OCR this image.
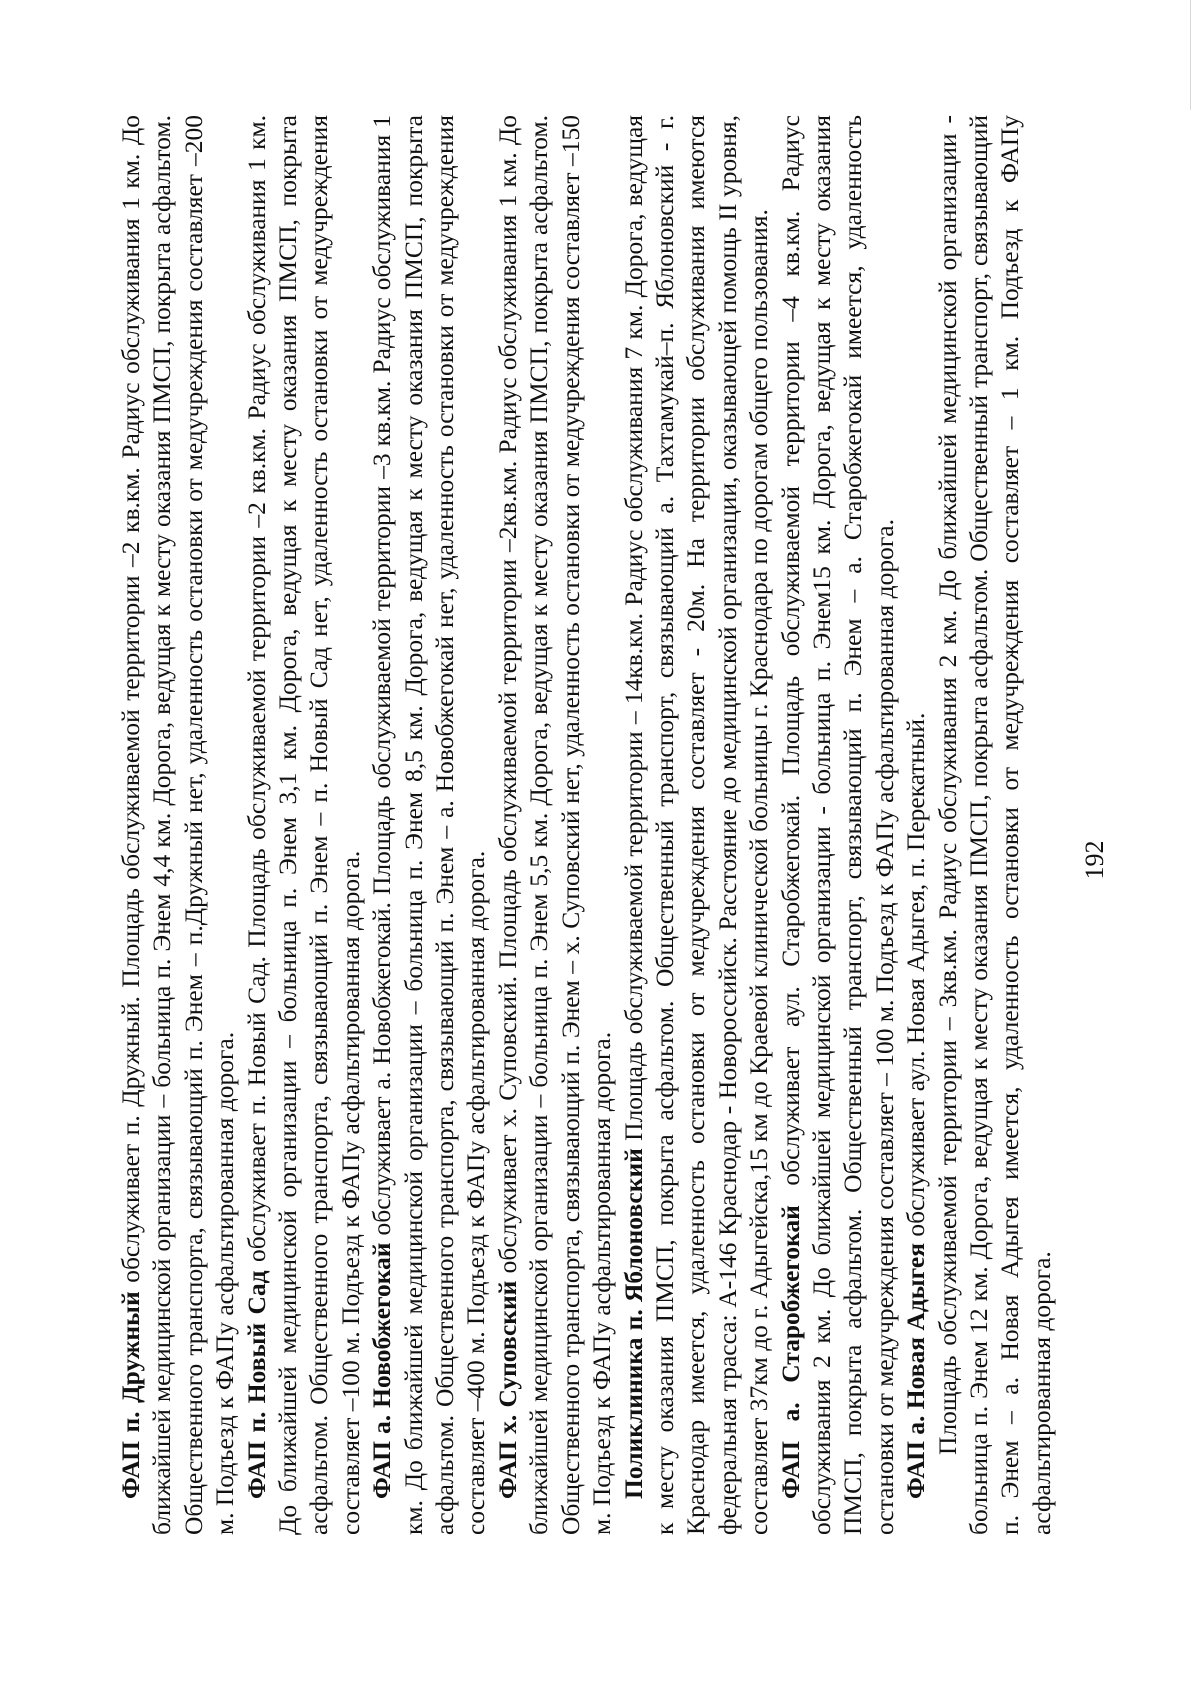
ФАП п. Дружный обслуживает п. Дружный. Площадь обслуживаемой территории –2 кв.км. Радиус обслуживания 1 км. До ближайшей медицинской организации – больница п. Энем 4,4 км. Дорога, ведущая к месту оказания ПМСП, покрыта асфальтом. Общественного транспорта, связывающий п. Энем – п.Дружный нет, удаленность остановки от медучреждения составляет –200 м. Подъезд к ФАПу асфальтированная дорога. ФАП п. Новый Сад обслуживает п. Новый Сад. Площадь обслуживаемой территории –2 кв.км. Радиус обслуживания 1 км. До ближайшей медицинской организации – больница п. Энем 3,1 км. Дорога, ведущая к месту оказания ПМСП, покрыта асфальтом. Общественного транспорта, связывающий п. Энем – п. Новый Сад нет, удаленность остановки от медучреждения составляет –100 м. Подъезд к ФАПу асфальтированная дорога. ФАП а. Новобжегокай обслуживает а. Новобжегокай. Площадь обслуживаемой территории –3 кв.км. Радиус обслуживания 1 км. До ближайшей медицинской организации – больница п. Энем 8,5 км. Дорога, ведущая к месту оказания ПМСП, покрыта асфальтом. Общественного транспорта, связывающий п. Энем – а. Новобжегокай нет, удаленность остановки от медучреждения составляет –400 м. Подъезд к ФАПу асфальтированная дорога. ФАП х. Суповский обслуживает х. Суповский. Площадь обслуживаемой территории –2кв.км. Радиус обслуживания 1 км. До ближайшей медицинской организации – больница п. Энем 5,5 км. Дорога, ведущая к месту оказания ПМСП, покрыта асфальтом. Общественного транспорта, связывающий п. Энем – х. Суповский нет, удаленность остановки от медучреждения составляет –150 м. Подъезд к ФАПу асфальтированная дорога. Поликлиника п. Яблоновский Площадь обслуживаемой территории – 14кв.км. Радиус обслуживания 7 км. Дорога, ведущая к месту оказания ПМСП, покрыта асфальтом. Общественный транспорт, связывающий а. Тахтамукай–п. Яблоновский - г. Краснодар имеется, удаленность остановки от медучреждения составляет - 20м. На территории обслуживания имеются федеральная трасса: А-146 Краснодар - Новороссийск. Расстояние до медицинской организации, оказывающей помощь II уровня, составляет 37км до г. Адыгейска,15 км до Краевой клинической больницы г. Краснодара по дорогам общего пользования. ФАП а. Старобжегокай обслуживает аул. Старобжегокай. Площадь обслуживаемой территории –4 кв.км. Радиус обслуживания 2 км. До ближайшей медицинской организации - больница п. Энем15 км. Дорога, ведущая к месту оказания ПМСП, покрыта асфальтом. Общественный транспорт, связывающий п. Энем – а. Старобжегокай имеется, удаленность остановки от медучреждения составляет – 100 м. Подъезд к ФАПу асфальтированная дорога. ФАП а. Новая Адыгея обслуживает аул. Новая Адыгея, п. Перекатный. Площадь обслуживаемой территории – 3кв.км. Радиус обслуживания 2 км. До ближайшей медицинской организации - больница п. Энем 12 км. Дорога, ведущая к месту оказания ПМСП, покрыта асфальтом. Общественный транспорт, связывающий п. Энем – а. Новая Адыгея имеется, удаленность остановки от медучреждения составляет – 1 км. Подъезд к ФАПу асфальтированная дорога.

192
